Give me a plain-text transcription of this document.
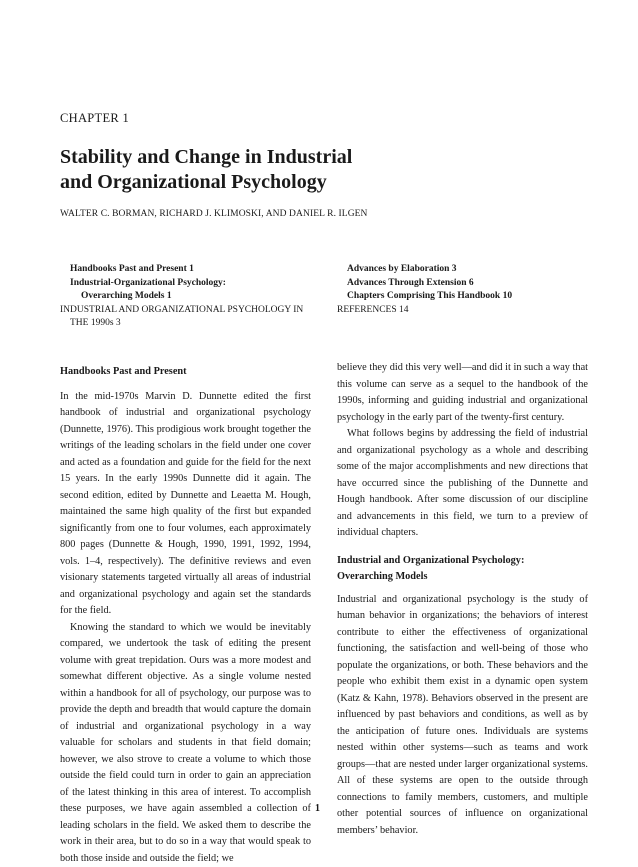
CHAPTER 1
Stability and Change in Industrial
and Organizational Psychology
WALTER C. BORMAN, RICHARD J. KLIMOSKI, AND DANIEL R. ILGEN
Handbooks Past and Present 1
Industrial-Organizational Psychology:
Overarching Models 1
INDUSTRIAL AND ORGANIZATIONAL PSYCHOLOGY IN
THE 1990s 3
Advances by Elaboration 3
Advances Through Extension 6
Chapters Comprising This Handbook 10
REFERENCES 14
Handbooks Past and Present

In the mid-1970s Marvin D. Dunnette edited the first handbook of industrial and organizational psychology (Dunnette, 1976). This prodigious work brought together the writings of the leading scholars in the field under one cover and acted as a foundation and guide for the field for the next 15 years. In the early 1990s Dunnette did it again. The second edition, edited by Dunnette and Leaetta M. Hough, maintained the same high quality of the first but expanded significantly from one to four volumes, each approximately 800 pages (Dunnette & Hough, 1990, 1991, 1992, 1994, vols. 1–4, respectively). The definitive reviews and even visionary statements targeted virtually all areas of industrial and organizational psychology and again set the standards for the field.

Knowing the standard to which we would be inevitably compared, we undertook the task of editing the present volume with great trepidation. Ours was a more modest and somewhat different objective. As a single volume nested within a handbook for all of psychology, our purpose was to provide the depth and breadth that would capture the domain of industrial and organizational psychology in a way valuable for scholars and students in that field domain; however, we also strove to create a volume to which those outside the field could turn in order to gain an appreciation of the latest thinking in this area of interest. To accomplish these purposes, we have again assembled a collection of leading scholars in the field. We asked them to describe the work in their area, but to do so in a way that would speak to both those inside and outside the field; we

believe they did this very well—and did it in such a way that this volume can serve as a sequel to the handbook of the 1990s, informing and guiding industrial and organizational psychology in the early part of the twenty-first century.

What follows begins by addressing the field of industrial and organizational psychology as a whole and describing some of the major accomplishments and new directions that have occurred since the publishing of the Dunnette and Hough handbook. After some discussion of our discipline and advancements in this field, we turn to a preview of individual chapters.

Industrial and Organizational Psychology:
Overarching Models

Industrial and organizational psychology is the study of human behavior in organizations; the behaviors of interest contribute to either the effectiveness of organizational functioning, the satisfaction and well-being of those who populate the organizations, or both. These behaviors and the people who exhibit them exist in a dynamic open system (Katz & Kahn, 1978). Behaviors observed in the present are influenced by past behaviors and conditions, as well as by the anticipation of future ones. Individuals are systems nested within other systems—such as teams and work groups—that are nested under larger organizational systems. All of these systems are open to the outside through connections to family members, customers, and multiple other potential sources of influence on organizational members’ behavior.

1
